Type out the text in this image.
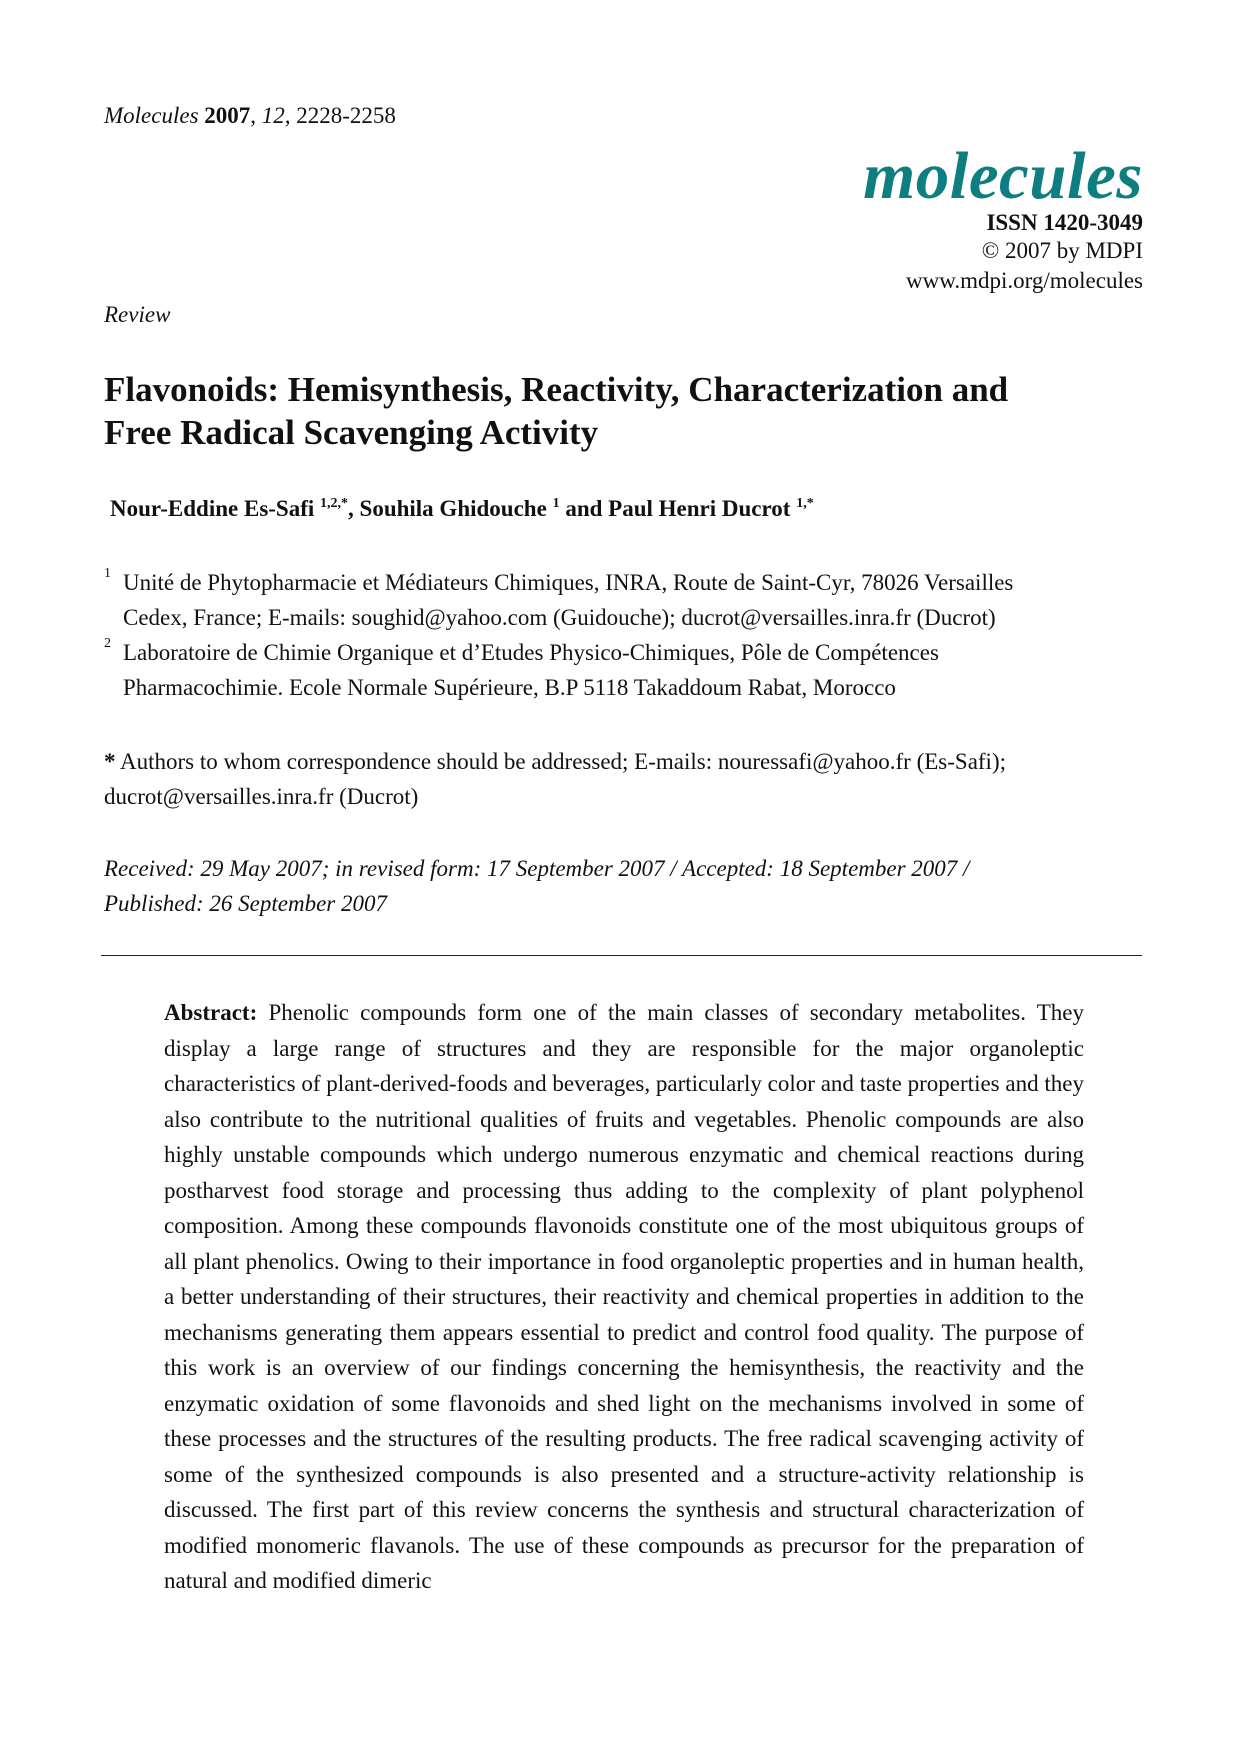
Molecules 2007, 12, 2228-2258
molecules
ISSN 1420-3049
© 2007 by MDPI
www.mdpi.org/molecules
Review
Flavonoids: Hemisynthesis, Reactivity, Characterization and
Free Radical Scavenging Activity
Nour-Eddine Es-Safi $^{1,2,*}$, Souhila Ghidouche $^1$ and Paul Henri Ducrot $^{1,*}$
1 Unité de Phytopharmacie et Médiateurs Chimiques, INRA, Route de Saint-Cyr, 78026 Versailles
Cedex, France; E-mails: soughid@yahoo.com (Guidouche); ducrot@versailles.inra.fr (Ducrot)
2 Laboratoire de Chimie Organique et d’Etudes Physico-Chimiques, Pôle de Compétences
Pharmacochimie. Ecole Normale Supérieure, B.P 5118 Takaddoum Rabat, Morocco
* Authors to whom correspondence should be addressed; E-mails: nouressafi@yahoo.fr (Es-Safi);
ducrot@versailles.inra.fr (Ducrot)
Received: 29 May 2007; in revised form: 17 September 2007 / Accepted: 18 September 2007 /
Published: 26 September 2007
Abstract: Phenolic compounds form one of the main classes of secondary metabolites. They display a large range of structures and they are responsible for the major organoleptic characteristics of plant-derived-foods and beverages, particularly color and taste properties and they also contribute to the nutritional qualities of fruits and vegetables. Phenolic compounds are also highly unstable compounds which undergo numerous enzymatic and chemical reactions during postharvest food storage and processing thus adding to the complexity of plant polyphenol composition. Among these compounds flavonoids constitute one of the most ubiquitous groups of all plant phenolics. Owing to their importance in food organoleptic properties and in human health, a better understanding of their structures, their reactivity and chemical properties in addition to the mechanisms generating them appears essential to predict and control food quality. The purpose of this work is an overview of our findings concerning the hemisynthesis, the reactivity and the enzymatic oxidation of some flavonoids and shed light on the mechanisms involved in some of these processes and the structures of the resulting products. The free radical scavenging activity of some of the synthesized compounds is also presented and a structure-activity relationship is discussed. The first part of this review concerns the synthesis and structural characterization of modified monomeric flavanols. The use of these compounds as precursor for the preparation of natural and modified dimeric
